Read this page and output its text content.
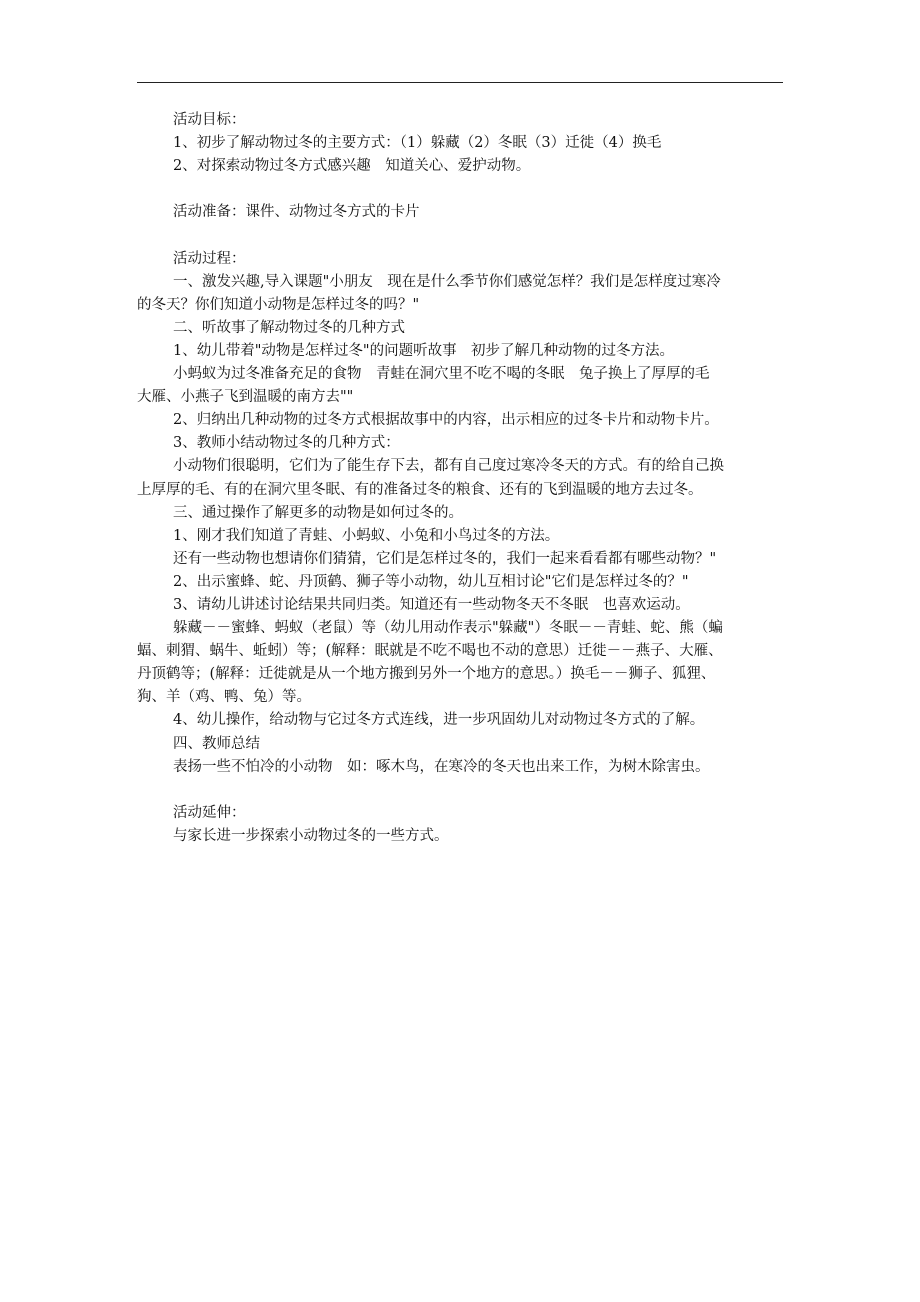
活动目标：
1、初步了解动物过冬的主要方式：（1）躲藏（2）冬眠（3）迁徙（4）换毛
2、对探索动物过冬方式感兴趣　知道关心、爱护动物。
活动准备：课件、动物过冬方式的卡片
活动过程：
一、激发兴趣,导入课题"小朋友　现在是什么季节你们感觉怎样？我们是怎样度过寒冷
的冬天？你们知道小动物是怎样过冬的吗？"
二、听故事了解动物过冬的几种方式
1、幼儿带着"动物是怎样过冬"的问题听故事　初步了解几种动物的过冬方法。
小蚂蚁为过冬准备充足的食物　青蛙在洞穴里不吃不喝的冬眠　兔子换上了厚厚的毛
大雁、小燕子飞到温暖的南方去""
2、归纳出几种动物的过冬方式根据故事中的内容，出示相应的过冬卡片和动物卡片。
3、教师小结动物过冬的几种方式：
小动物们很聪明，它们为了能生存下去，都有自己度过寒冷冬天的方式。有的给自己换
上厚厚的毛、有的在洞穴里冬眠、有的准备过冬的粮食、还有的飞到温暖的地方去过冬。
三、通过操作了解更多的动物是如何过冬的。
1、刚才我们知道了青蛙、小蚂蚁、小兔和小鸟过冬的方法。
还有一些动物也想请你们猜猜，它们是怎样过冬的，我们一起来看看都有哪些动物？"
2、出示蜜蜂、蛇、丹顶鹤、狮子等小动物，幼儿互相讨论"它们是怎样过冬的？"
3、请幼儿讲述讨论结果共同归类。知道还有一些动物冬天不冬眠　也喜欢运动。
躲藏－－蜜蜂、蚂蚁（老鼠）等（幼儿用动作表示"躲藏"）冬眠－－青蛙、蛇、熊（蝙
蝠、刺猬、蜗牛、蚯蚓）等；(解释：眠就是不吃不喝也不动的意思）迁徙－－燕子、大雁、
丹顶鹤等；(解释：迁徙就是从一个地方搬到另外一个地方的意思。）换毛－－狮子、狐狸、
狗、羊（鸡、鸭、兔）等。
4、幼儿操作，给动物与它过冬方式连线，进一步巩固幼儿对动物过冬方式的了解。
四、教师总结
表扬一些不怕冷的小动物　如：啄木鸟，在寒冷的冬天也出来工作，为树木除害虫。
活动延伸：
与家长进一步探索小动物过冬的一些方式。
